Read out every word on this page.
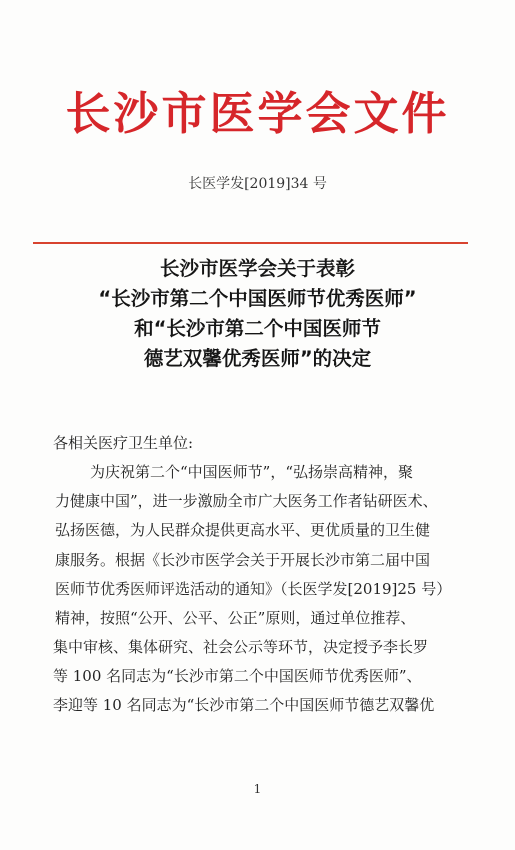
长沙市医学会文件
长医学发[2019]34 号
长沙市医学会关于表彰
“长沙市第二个中国医师节优秀医师”
和“长沙市第二个中国医师节
德艺双馨优秀医师”的决定
各相关医疗卫生单位:
为庆祝第二个“中国医师节”，“弘扬崇高精神，聚
力健康中国”，进一步激励全市广大医务工作者钻研医术、
弘扬医德，为人民群众提供更高水平、更优质量的卫生健
康服务。根据《长沙市医学会关于开展长沙市第二届中国
医师节优秀医师评选活动的通知》（长医学发[2019]25 号）
精神，按照“公开、公平、公正”原则，通过单位推荐、
集中审核、集体研究、社会公示等环节，决定授予李长罗
等 100 名同志为“长沙市第二个中国医师节优秀医师”、
李迎等 10 名同志为“长沙市第二个中国医师节德艺双馨优
1
